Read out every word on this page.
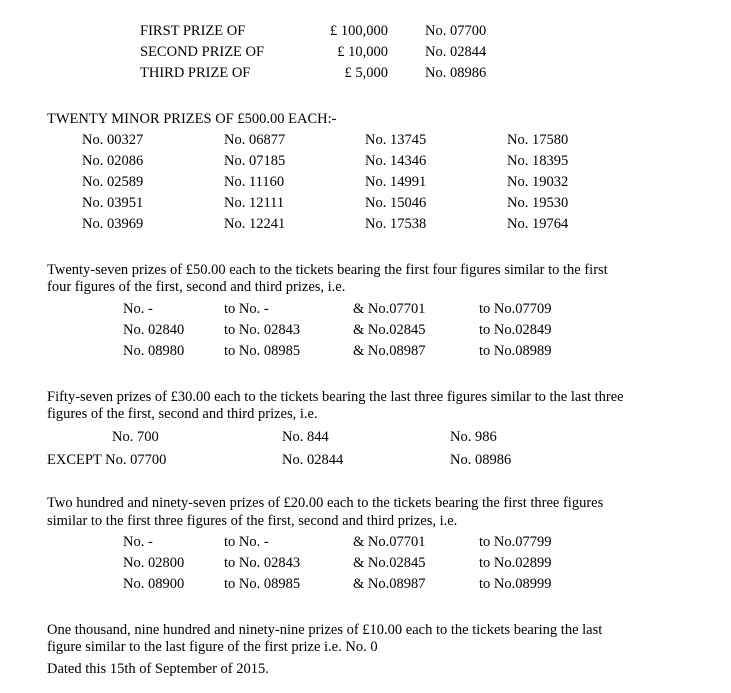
FIRST PRIZE OF	£ 100,000	No. 07700
SECOND PRIZE OF	£ 10,000	No. 02844
THIRD PRIZE OF	£ 5,000	No. 08986
TWENTY MINOR PRIZES OF £500.00 EACH:-
No. 00327	No. 06877	No. 13745	No. 17580
No. 02086	No. 07185	No. 14346	No. 18395
No. 02589	No. 11160	No. 14991	No. 19032
No. 03951	No. 12111	No. 15046	No. 19530
No. 03969	No. 12241	No. 17538	No. 19764
Twenty-seven prizes of £50.00 each to the tickets bearing the first four figures similar to the first
four figures of the first, second and third prizes, i.e.
No. -	to No. -	& No.07701	to No.07709
No. 02840	to No. 02843	& No.02845	to No.02849
No. 08980	to No. 08985	& No.08987	to No.08989
Fifty-seven prizes of £30.00 each to the tickets bearing the last three figures similar to the last three
figures of the first, second and third prizes, i.e.
No. 700	No. 844	No. 986
EXCEPT No. 07700	No. 02844	No. 08986
Two hundred and ninety-seven prizes of £20.00 each to the tickets bearing the first three figures
similar to the first three figures of the first, second and third prizes, i.e.
No. -	to No. -	& No.07701	to No.07799
No. 02800	to No. 02843	& No.02845	to No.02899
No. 08900	to No. 08985	& No.08987	to No.08999
One thousand, nine hundred and ninety-nine prizes of £10.00 each to the tickets bearing the last
figure similar to the last figure of the first prize i.e. No. 0
Dated this 15th of September of 2015.
